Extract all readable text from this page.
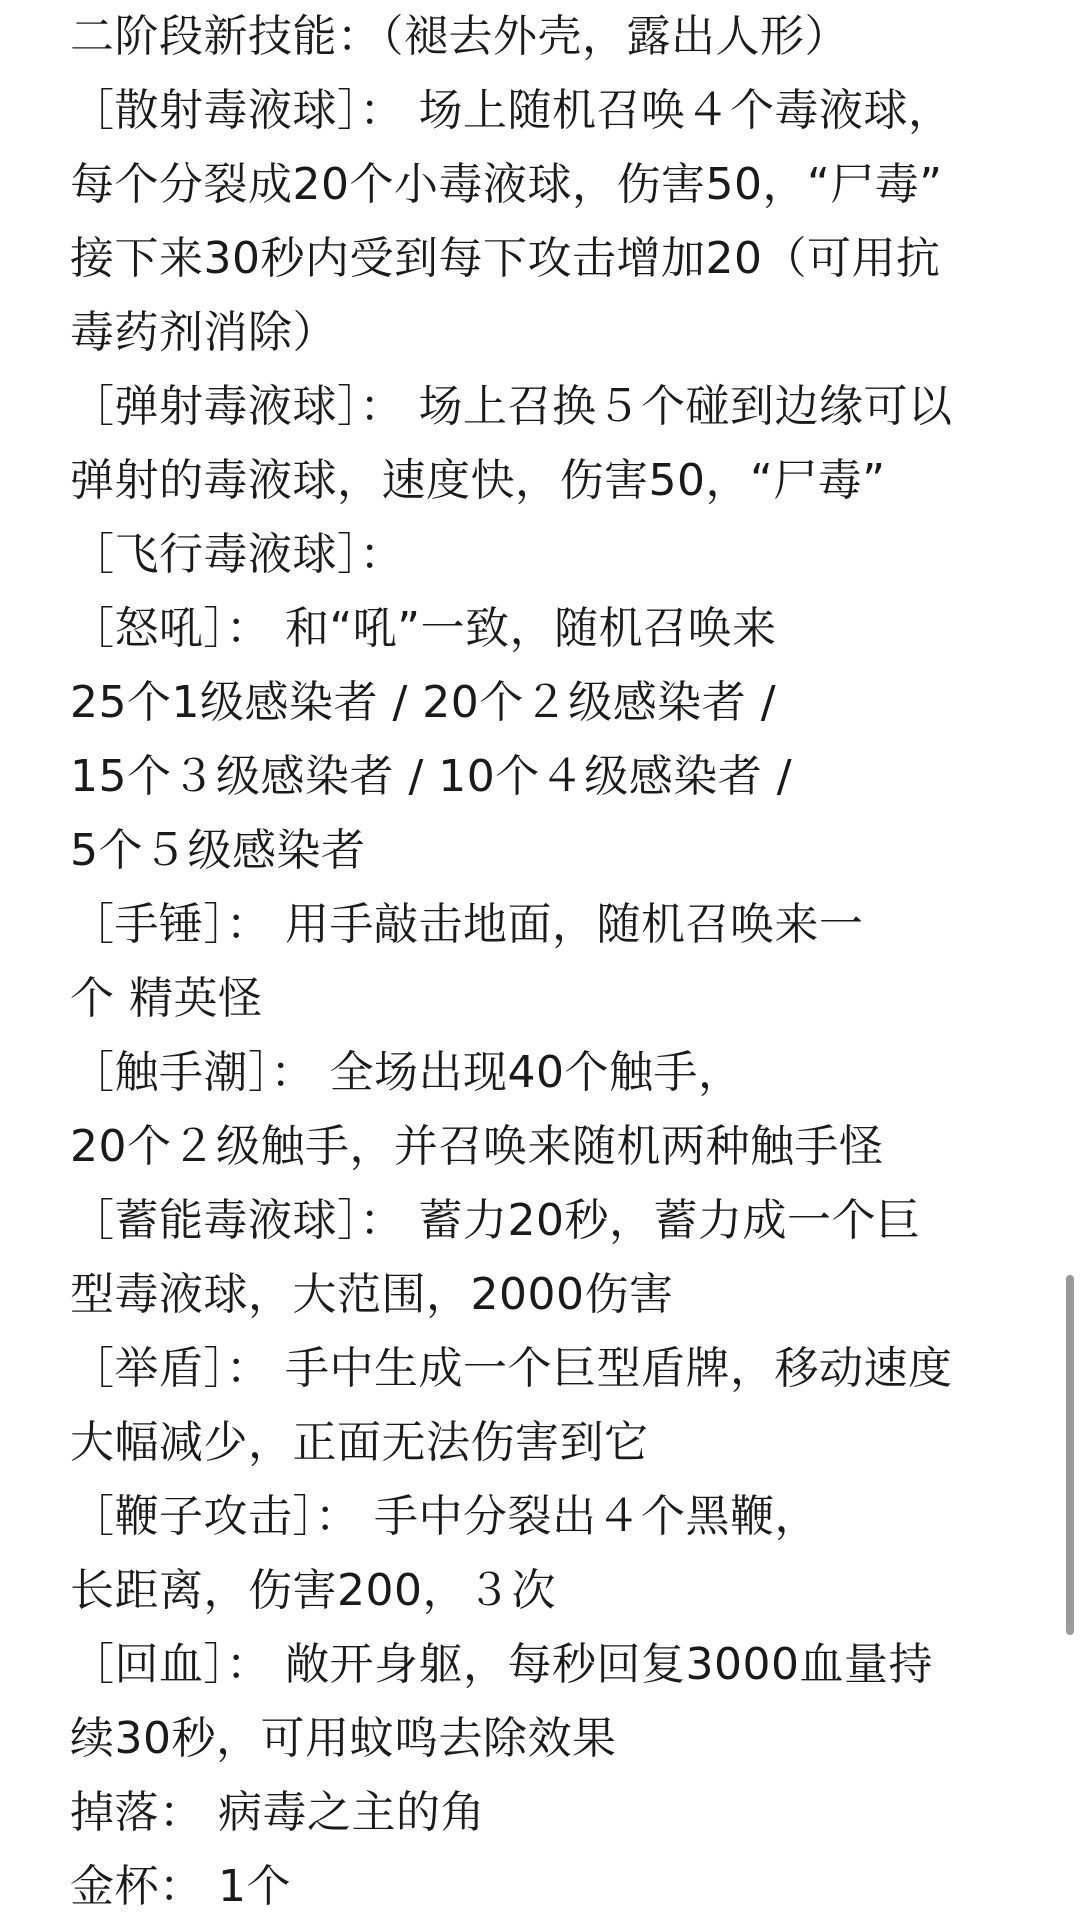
二阶段新技能：（褪去外壳，露出人形）
［散射毒液球］： 场上随机召唤４个毒液球，
每个分裂成20个小毒液球，伤害50，“尸毒”
接下来30秒内受到每下攻击增加20（可用抗
毒药剂消除）
［弹射毒液球］： 场上召换５个碰到边缘可以
弹射的毒液球，速度快，伤害50，“尸毒”
［飞行毒液球］：
［怒吼］： 和“吼”一致，随机召唤来
25个1级感染者 / 20个２级感染者 /
15个３级感染者 / 10个４级感染者 /
5个５级感染者
［手锤］： 用手敲击地面，随机召唤来一
个 精英怪
［触手潮］： 全场出现40个触手，
20个２级触手，并召唤来随机两种触手怪
［蓄能毒液球］： 蓄力20秒，蓄力成一个巨
型毒液球，大范围，2000伤害
［举盾］： 手中生成一个巨型盾牌，移动速度
大幅减少，正面无法伤害到它
［鞭子攻击］： 手中分裂出４个黑鞭，
长距离，伤害200，３次
［回血］： 敞开身躯，每秒回复3000血量持
续30秒，可用蚊鸣去除效果
掉落： 病毒之主的角
金杯： 1个
